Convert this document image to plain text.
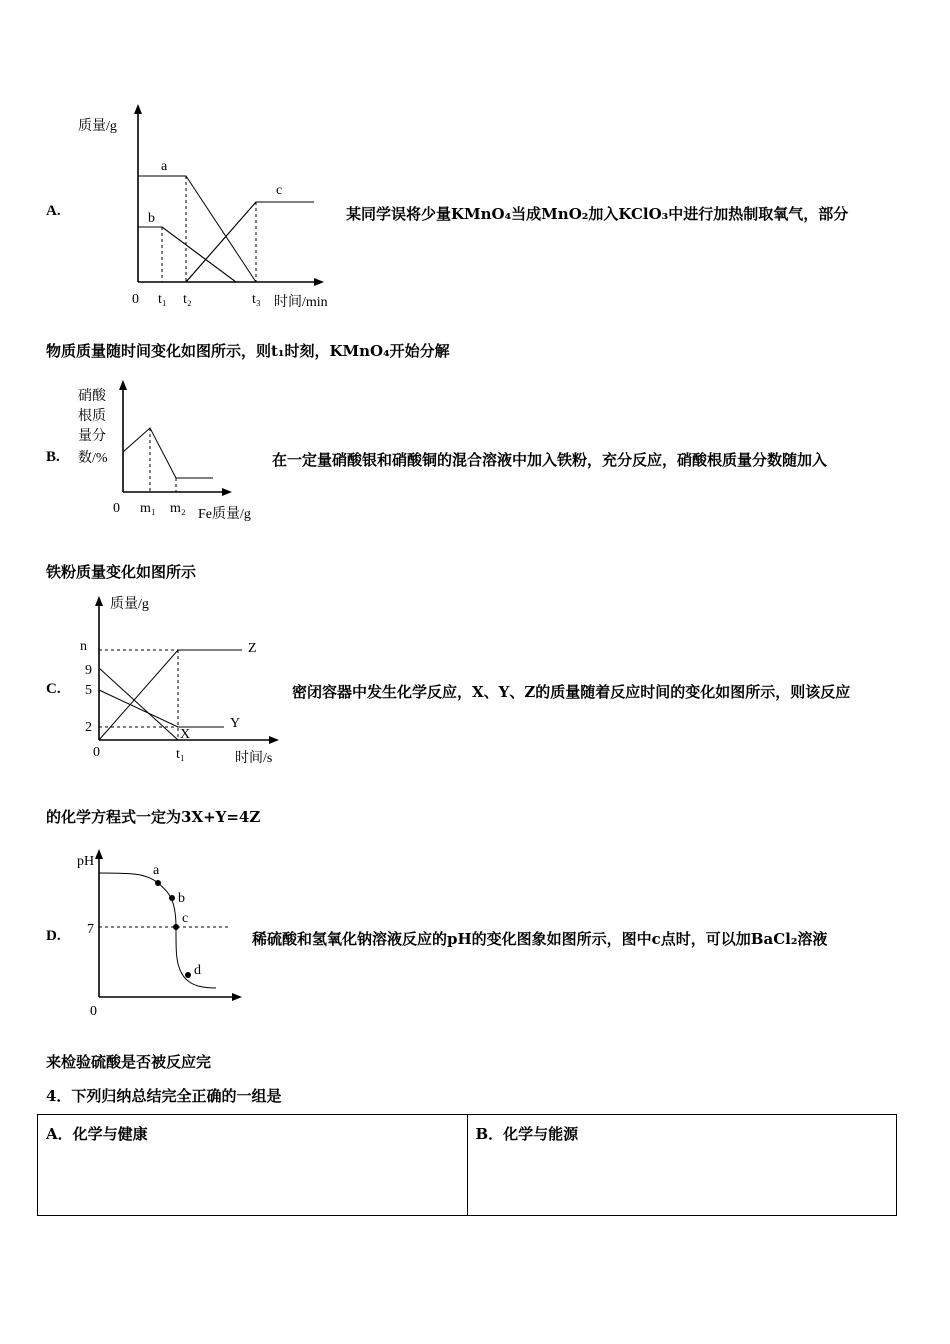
A.
质量/g
a
b
c
0 t₁ t₂	t₃ 时间/min
某同学误将少量KMnO₄当成MnO₂加入KClO₃中进行加热制取氧气，部分
物质质量随时间变化如图所示，则t₁时刻，KMnO₄开始分解
B.
硝酸
根质
量分
数/%
0 m₁ m₂ Fe质量/g
在一定量硝酸银和硝酸铜的混合溶液中加入铁粉，充分反应，硝酸根质量分数随加入
铁粉质量变化如图所示
C.
质量/g
n
9
5
2
0	t₁
Z
Y
X
时间/s
密闭容器中发生化学反应，X、Y、Z的质量随着反应时间的变化如图所示，则该反应
的化学方程式一定为3X+Y=4Z
D.
pH
a
b
c
d
7
0
稀硫酸和氢氧化钠溶液反应的pH的变化图象如图所示，图中c点时，可以加BaCl₂溶液
来检验硫酸是否被反应完
4．下列归纳总结完全正确的一组是
A．化学与健康	B．化学与能源
